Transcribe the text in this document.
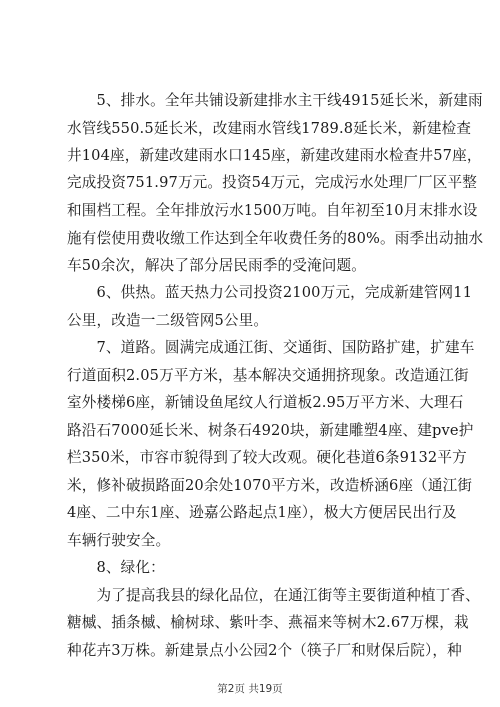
　　5、排水。全年共铺设新建排水主干线4915延长米，新建雨
水管线550.5延长米，改建雨水管线1789.8延长米，新建检查
井104座，新建改建雨水口145座，新建改建雨水检查井57座，
完成投资751.97万元。投资54万元，完成污水处理厂厂区平整
和围档工程。全年排放污水1500万吨。自年初至10月末排水设
施有偿使用费收缴工作达到全年收费任务的80%。雨季出动抽水
车50余次，解决了部分居民雨季的受淹问题。
　　6、供热。蓝天热力公司投资2100万元，完成新建管网11
公里，改造一二级管网5公里。
　　7、道路。圆满完成通江街、交通街、国防路扩建，扩建车
行道面积2.05万平方米，基本解决交通拥挤现象。改造通江街
室外楼梯6座，新铺设鱼尾纹人行道板2.95万平方米、大理石
路沿石7000延长米、树条石4920块，新建雕塑4座、建pve护
栏350米，市容市貌得到了较大改观。硬化巷道6条9132平方
米，修补破损路面20余处1070平方米，改造桥涵6座（通江街
4座、二中东1座、逊嘉公路起点1座），极大方便居民出行及
车辆行驶安全。
　　8、绿化：
　　为了提高我县的绿化品位，在通江街等主要街道种植丁香、
糖槭、插条槭、榆树球、紫叶李、燕福来等树木2.67万棵，栽
种花卉3万株。新建景点小公园2个（筷子厂和财保后院），种
第2页 共19页
